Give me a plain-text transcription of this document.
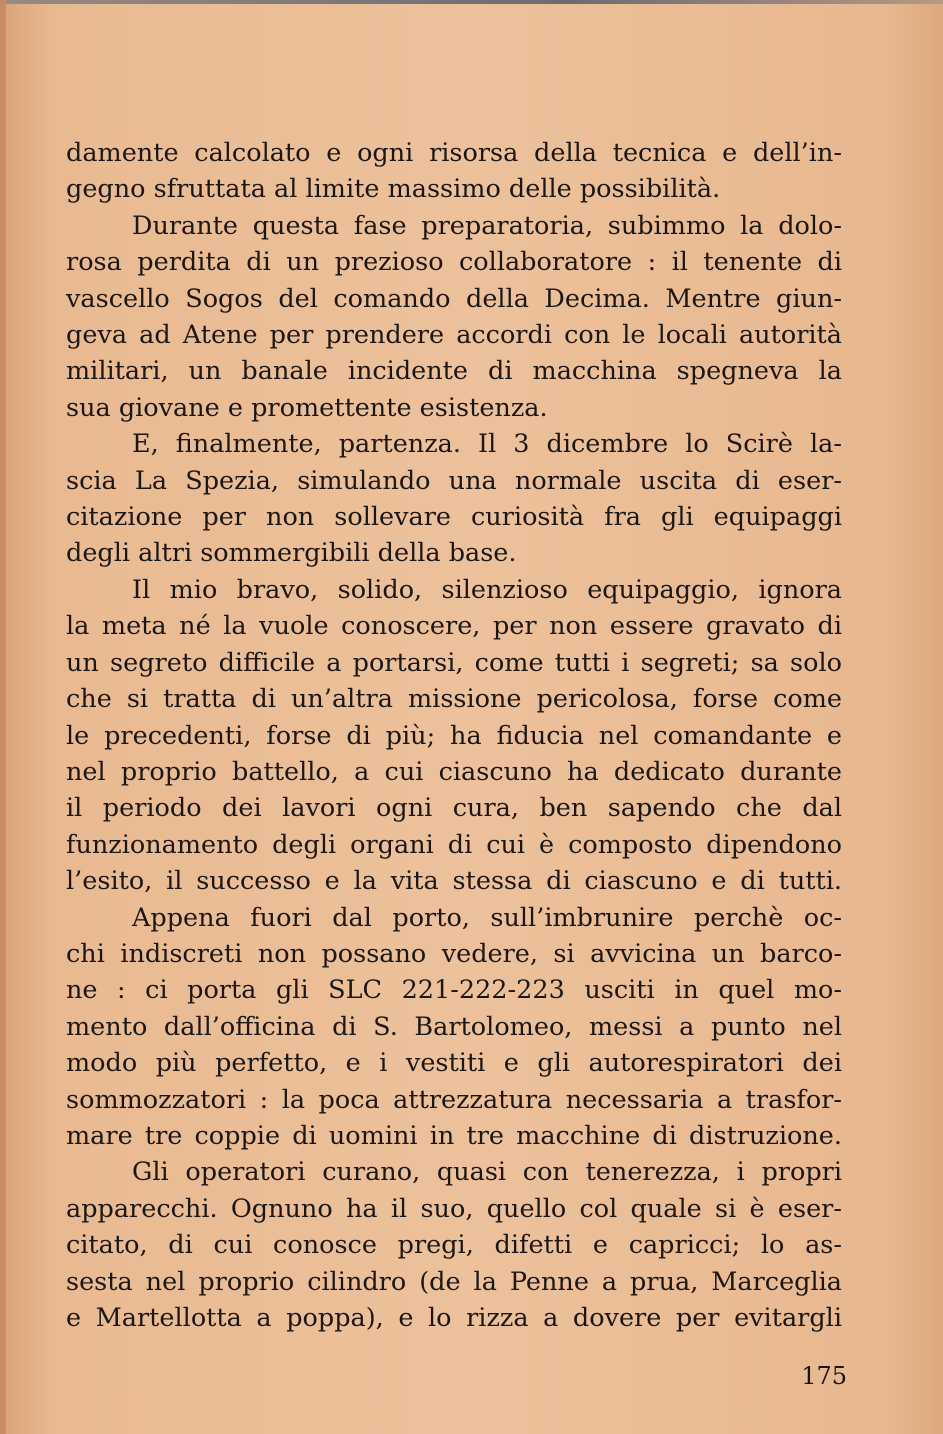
damente calcolato e ogni risorsa della tecnica e dell’in-
gegno sfruttata al limite massimo delle possibilità.
Durante questa fase preparatoria, subimmo la dolo-
rosa perdita di un prezioso collaboratore : il tenente di
vascello Sogos del comando della Decima. Mentre giun-
geva ad Atene per prendere accordi con le locali autorità
militari, un banale incidente di macchina spegneva la
sua giovane e promettente esistenza.
E, finalmente, partenza. Il 3 dicembre lo Scirè la-
scia La Spezia, simulando una normale uscita di eser-
citazione per non sollevare curiosità fra gli equipaggi
degli altri sommergibili della base.
Il mio bravo, solido, silenzioso equipaggio, ignora
la meta né la vuole conoscere, per non essere gravato di
un segreto difficile a portarsi, come tutti i segreti; sa solo
che si tratta di un’altra missione pericolosa, forse come
le precedenti, forse di più; ha fiducia nel comandante e
nel proprio battello, a cui ciascuno ha dedicato durante
il periodo dei lavori ogni cura, ben sapendo che dal
funzionamento degli organi di cui è composto dipendono
l’esito, il successo e la vita stessa di ciascuno e di tutti.
Appena fuori dal porto, sull’imbrunire perchè oc-
chi indiscreti non possano vedere, si avvicina un barco-
ne : ci porta gli SLC 221-222-223 usciti in quel mo-
mento dall’officina di S. Bartolomeo, messi a punto nel
modo più perfetto, e i vestiti e gli autorespiratori dei
sommozzatori : la poca attrezzatura necessaria a trasfor-
mare tre coppie di uomini in tre macchine di distruzione.
Gli operatori curano, quasi con tenerezza, i propri
apparecchi. Ognuno ha il suo, quello col quale si è eser-
citato, di cui conosce pregi, difetti e capricci; lo as-
sesta nel proprio cilindro (de la Penne a prua, Marceglia
e Martellotta a poppa), e lo rizza a dovere per evitargli
175
